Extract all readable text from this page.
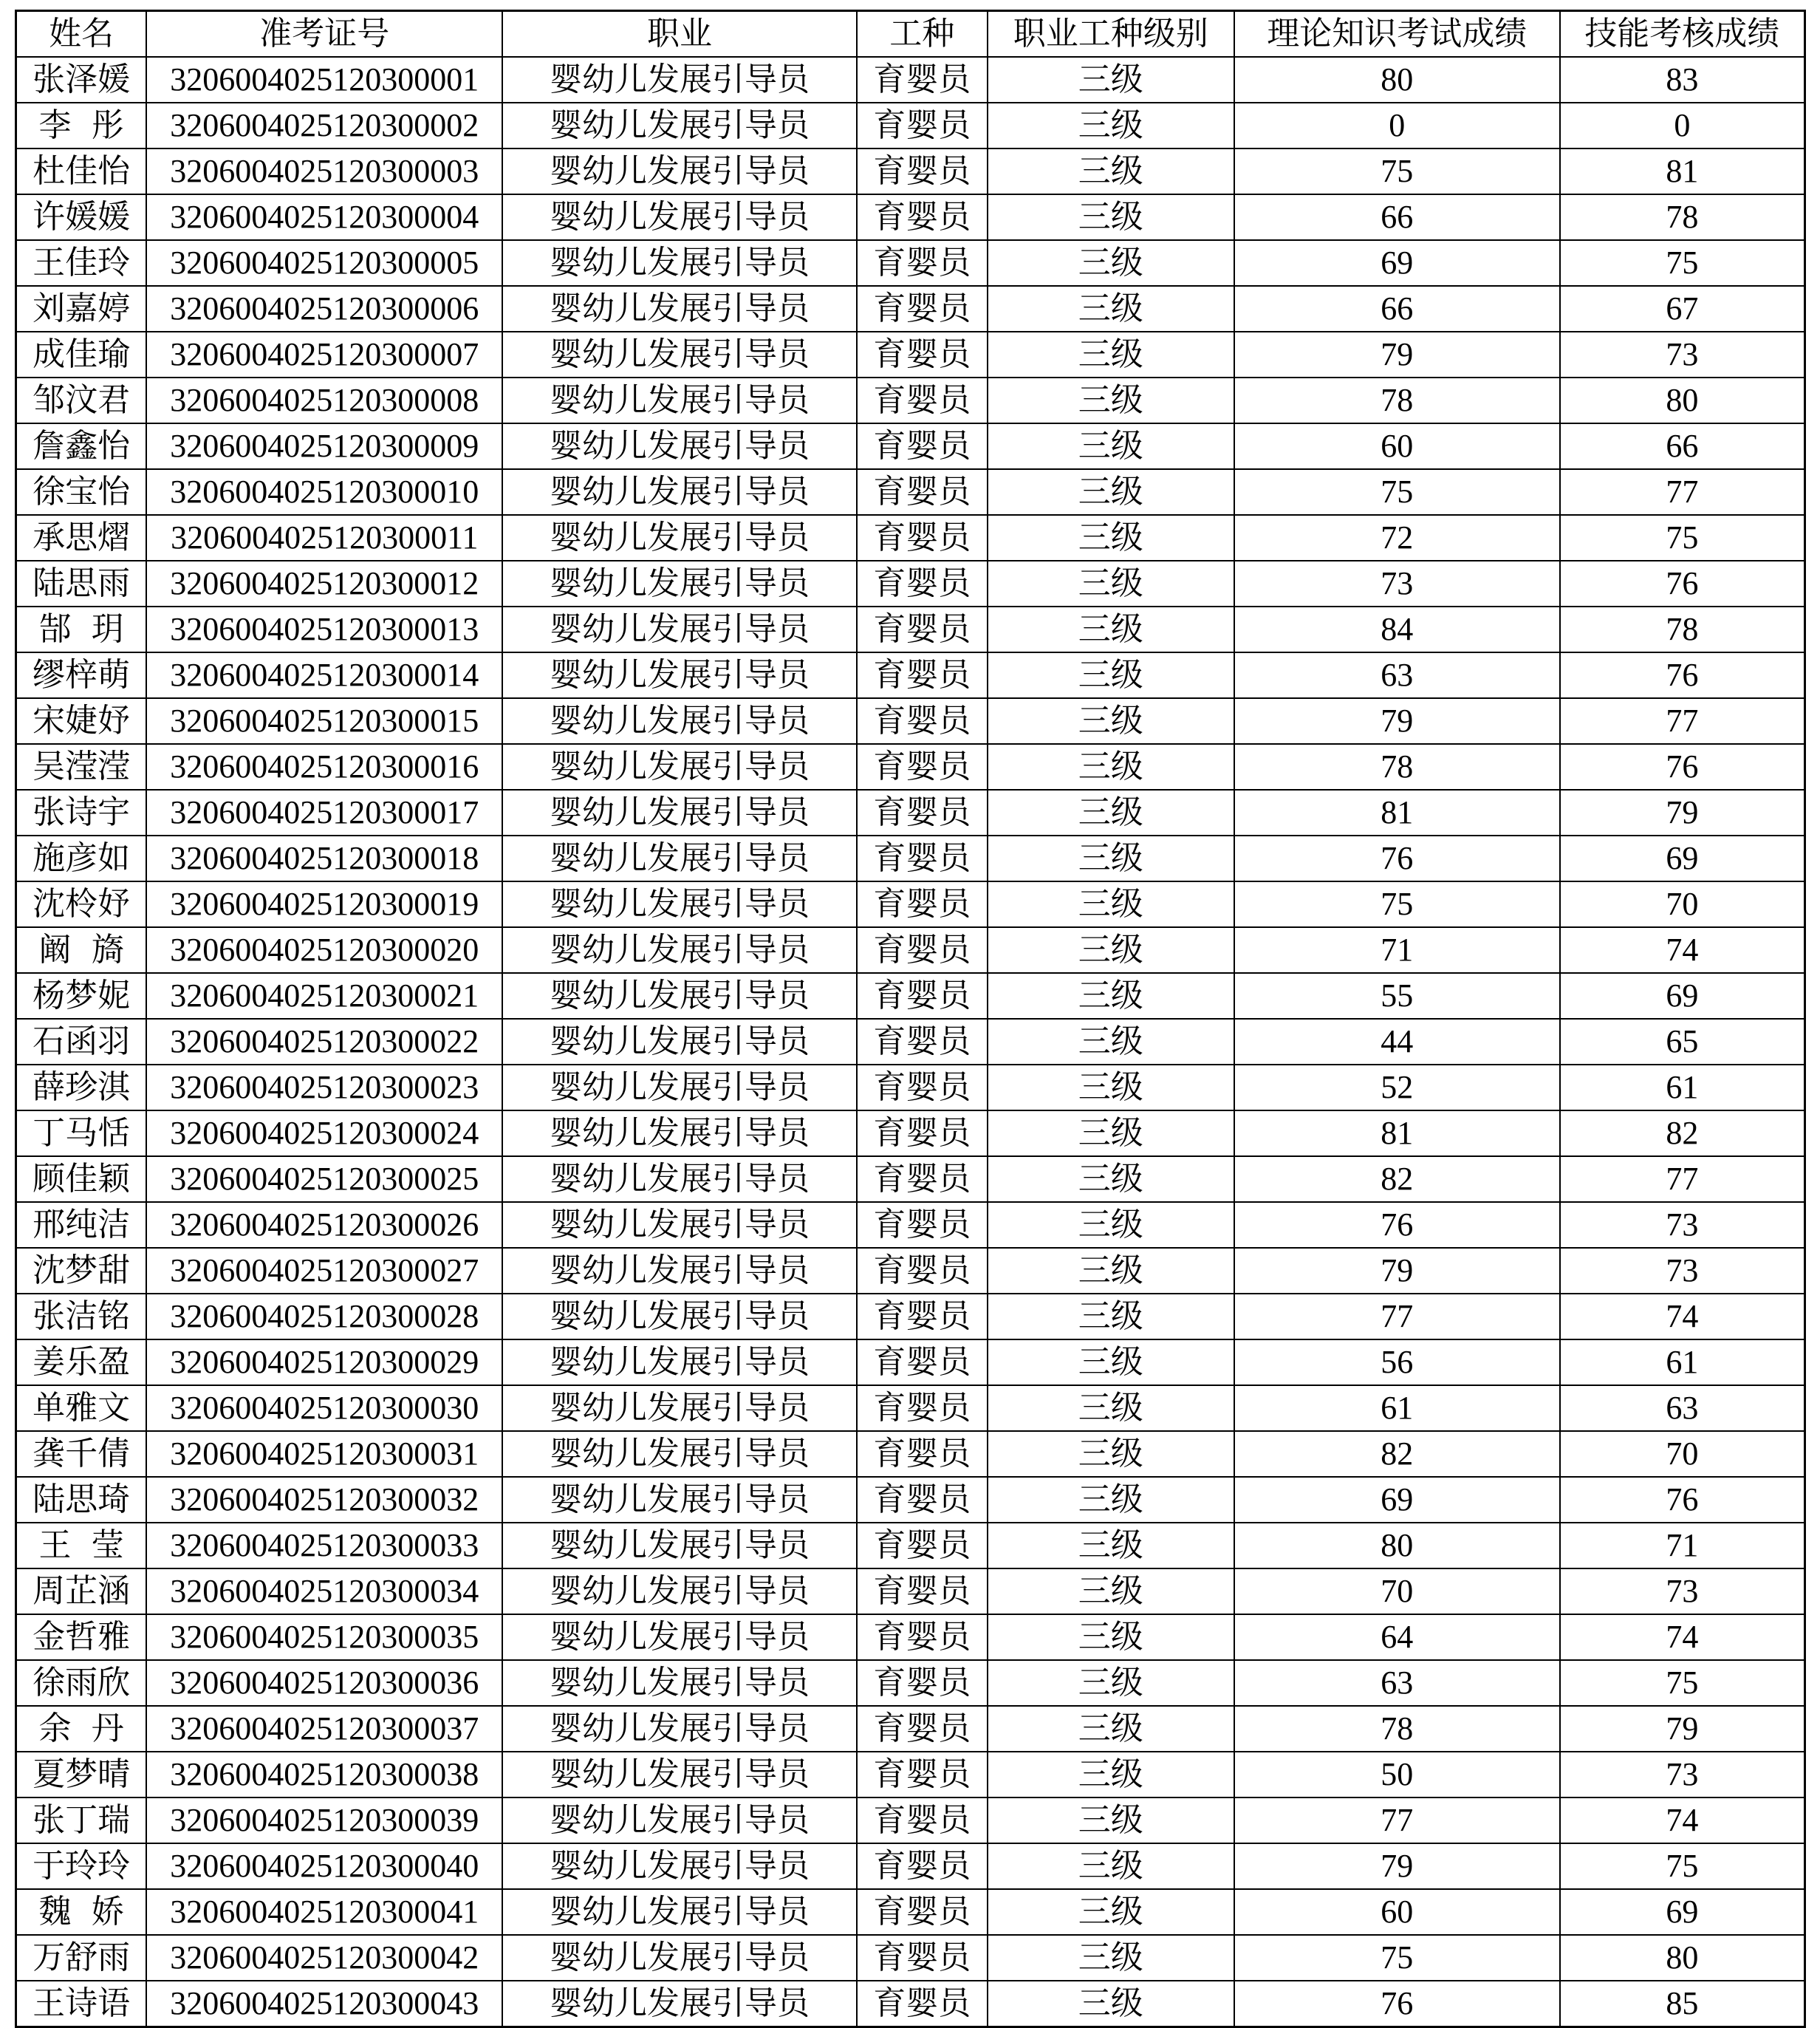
姓名	准考证号	职业	工种	职业工种级别	理论知识考试成绩	技能考核成绩
张泽媛	3206004025120300001	婴幼儿发展引导员	育婴员	三级	80	83
李彤	3206004025120300002	婴幼儿发展引导员	育婴员	三级	0	0
杜佳怡	3206004025120300003	婴幼儿发展引导员	育婴员	三级	75	81
许媛媛	3206004025120300004	婴幼儿发展引导员	育婴员	三级	66	78
王佳玲	3206004025120300005	婴幼儿发展引导员	育婴员	三级	69	75
刘嘉婷	3206004025120300006	婴幼儿发展引导员	育婴员	三级	66	67
成佳瑜	3206004025120300007	婴幼儿发展引导员	育婴员	三级	79	73
邹汶君	3206004025120300008	婴幼儿发展引导员	育婴员	三级	78	80
詹鑫怡	3206004025120300009	婴幼儿发展引导员	育婴员	三级	60	66
徐宝怡	3206004025120300010	婴幼儿发展引导员	育婴员	三级	75	77
承思熠	3206004025120300011	婴幼儿发展引导员	育婴员	三级	72	75
陆思雨	3206004025120300012	婴幼儿发展引导员	育婴员	三级	73	76
郜玥	3206004025120300013	婴幼儿发展引导员	育婴员	三级	84	78
缪梓萌	3206004025120300014	婴幼儿发展引导员	育婴员	三级	63	76
宋婕妤	3206004025120300015	婴幼儿发展引导员	育婴员	三级	79	77
吴滢滢	3206004025120300016	婴幼儿发展引导员	育婴员	三级	78	76
张诗宇	3206004025120300017	婴幼儿发展引导员	育婴员	三级	81	79
施彦如	3206004025120300018	婴幼儿发展引导员	育婴员	三级	76	69
沈柃妤	3206004025120300019	婴幼儿发展引导员	育婴员	三级	75	70
阚旖	3206004025120300020	婴幼儿发展引导员	育婴员	三级	71	74
杨梦妮	3206004025120300021	婴幼儿发展引导员	育婴员	三级	55	69
石函羽	3206004025120300022	婴幼儿发展引导员	育婴员	三级	44	65
薛珍淇	3206004025120300023	婴幼儿发展引导员	育婴员	三级	52	61
丁马恬	3206004025120300024	婴幼儿发展引导员	育婴员	三级	81	82
顾佳颖	3206004025120300025	婴幼儿发展引导员	育婴员	三级	82	77
邢纯洁	3206004025120300026	婴幼儿发展引导员	育婴员	三级	76	73
沈梦甜	3206004025120300027	婴幼儿发展引导员	育婴员	三级	79	73
张洁铭	3206004025120300028	婴幼儿发展引导员	育婴员	三级	77	74
姜乐盈	3206004025120300029	婴幼儿发展引导员	育婴员	三级	56	61
单雅文	3206004025120300030	婴幼儿发展引导员	育婴员	三级	61	63
龚千倩	3206004025120300031	婴幼儿发展引导员	育婴员	三级	82	70
陆思琦	3206004025120300032	婴幼儿发展引导员	育婴员	三级	69	76
王莹	3206004025120300033	婴幼儿发展引导员	育婴员	三级	80	71
周芷涵	3206004025120300034	婴幼儿发展引导员	育婴员	三级	70	73
金哲雅	3206004025120300035	婴幼儿发展引导员	育婴员	三级	64	74
徐雨欣	3206004025120300036	婴幼儿发展引导员	育婴员	三级	63	75
余丹	3206004025120300037	婴幼儿发展引导员	育婴员	三级	78	79
夏梦晴	3206004025120300038	婴幼儿发展引导员	育婴员	三级	50	73
张丁瑞	3206004025120300039	婴幼儿发展引导员	育婴员	三级	77	74
于玲玲	3206004025120300040	婴幼儿发展引导员	育婴员	三级	79	75
魏娇	3206004025120300041	婴幼儿发展引导员	育婴员	三级	60	69
万舒雨	3206004025120300042	婴幼儿发展引导员	育婴员	三级	75	80
王诗语	3206004025120300043	婴幼儿发展引导员	育婴员	三级	76	85
